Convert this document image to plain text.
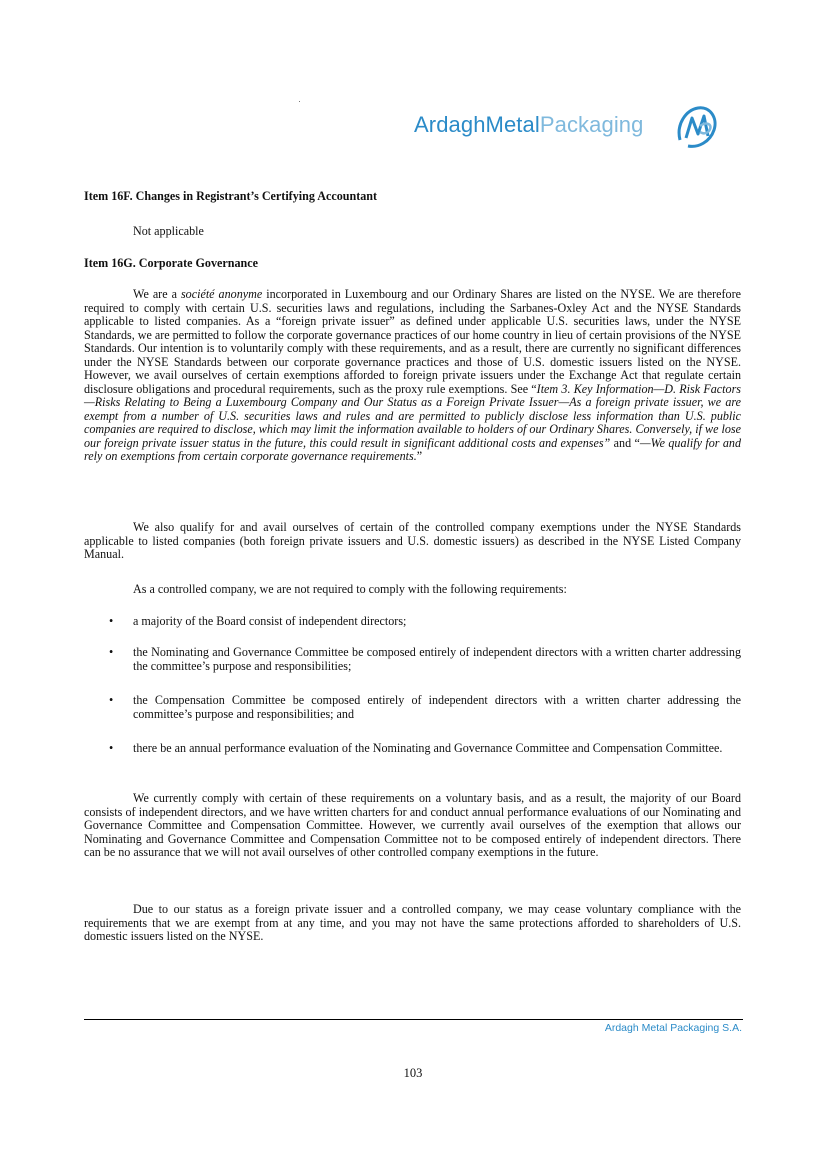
ArdaghMetalPackaging

Item 16F. Changes in Registrant’s Certifying Accountant

Not applicable

Item 16G. Corporate Governance

We are a société anonyme incorporated in Luxembourg and our Ordinary Shares are listed on the NYSE. We are therefore required to comply with certain U.S. securities laws and regulations, including the Sarbanes-Oxley Act and the NYSE Standards applicable to listed companies. As a “foreign private issuer” as defined under applicable U.S. securities laws, under the NYSE Standards, we are permitted to follow the corporate governance practices of our home country in lieu of certain provisions of the NYSE Standards. Our intention is to voluntarily comply with these requirements, and as a result, there are currently no significant differences under the NYSE Standards between our corporate governance practices and those of U.S. domestic issuers listed on the NYSE. However, we avail ourselves of certain exemptions afforded to foreign private issuers under the Exchange Act that regulate certain disclosure obligations and procedural requirements, such as the proxy rule exemptions. See “Item 3. Key Information—D. Risk Factors—Risks Relating to Being a Luxembourg Company and Our Status as a Foreign Private Issuer—As a foreign private issuer, we are exempt from a number of U.S. securities laws and rules and are permitted to publicly disclose less information than U.S. public companies are required to disclose, which may limit the information available to holders of our Ordinary Shares. Conversely, if we lose our foreign private issuer status in the future, this could result in significant additional costs and expenses” and “—We qualify for and rely on exemptions from certain corporate governance requirements.”

We also qualify for and avail ourselves of certain of the controlled company exemptions under the NYSE Standards applicable to listed companies (both foreign private issuers and U.S. domestic issuers) as described in the NYSE Listed Company Manual.

As a controlled company, we are not required to comply with the following requirements:

• a majority of the Board consist of independent directors;
• the Nominating and Governance Committee be composed entirely of independent directors with a written charter addressing the committee’s purpose and responsibilities;
• the Compensation Committee be composed entirely of independent directors with a written charter addressing the committee’s purpose and responsibilities; and
• there be an annual performance evaluation of the Nominating and Governance Committee and Compensation Committee.

We currently comply with certain of these requirements on a voluntary basis, and as a result, the majority of our Board consists of independent directors, and we have written charters for and conduct annual performance evaluations of our Nominating and Governance Committee and Compensation Committee. However, we currently avail ourselves of the exemption that allows our Nominating and Governance Committee and Compensation Committee not to be composed entirely of independent directors. There can be no assurance that we will not avail ourselves of other controlled company exemptions in the future.

Due to our status as a foreign private issuer and a controlled company, we may cease voluntary compliance with the requirements that we are exempt from at any time, and you may not have the same protections afforded to shareholders of U.S. domestic issuers listed on the NYSE.

Ardagh Metal Packaging S.A.
103
